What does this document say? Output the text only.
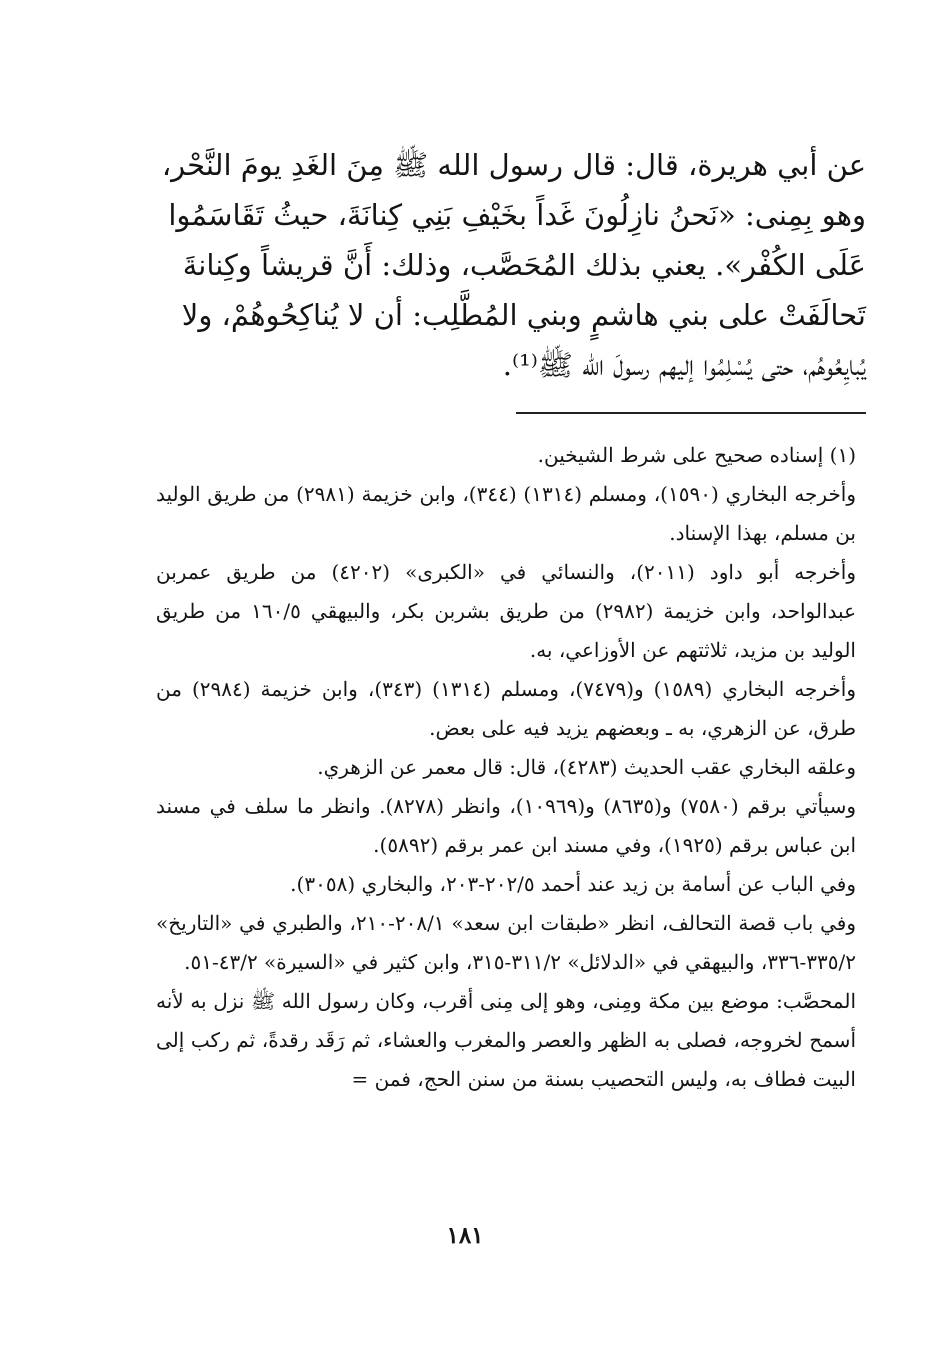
عن أبي هريرة، قال: قال رسول الله ﷺ مِنَ الغَدِ يومَ النَّحْر،

وهو بِمِنى: «نَحنُ نازِلُونَ غَداً بخَيْفِ بَنِي كِنانَةَ، حيثُ تَقَاسَمُوا

عَلَى الكُفْر». يعني بذلك المُحَصَّب، وذلك: أَنَّ قريشاً وكِنانةَ

تَحالَفَتْ على بني هاشمٍ وبني المُطَّلِب: أن لا يُناكِحُوهُمْ، ولا

يُبايِعُوهُم، حتى يُسْلِمُوا إليهم رسولَ الله ﷺ⁽¹⁾.

(١) إسناده صحيح على شرط الشيخين.

وأخرجه البخاري (١٥٩٠)، ومسلم (١٣١٤) (٣٤٤)، وابن خزيمة (٢٩٨١) من طريق الوليد بن مسلم، بهذا الإسناد.

وأخرجه أبو داود (٢٠١١)، والنسائي في «الكبرى» (٤٢٠٢) من طريق عمربن عبدالواحد، وابن خزيمة (٢٩٨٢) من طريق بشربن بكر، والبيهقي ١٦٠/٥ من طريق الوليد بن مزيد، ثلاثتهم عن الأوزاعي، به.

وأخرجه البخاري (١٥٨٩) و(٧٤٧٩)، ومسلم (١٣١٤) (٣٤٣)، وابن خزيمة (٢٩٨٤) من طرق، عن الزهري، به ـ وبعضهم يزيد فيه على بعض.

وعلقه البخاري عقب الحديث (٤٢٨٣)، قال: قال معمر عن الزهري.

وسيأتي برقم (٧٥٨٠) و(٨٦٣٥) و(١٠٩٦٩)، وانظر (٨٢٧٨). وانظر ما سلف في مسند ابن عباس برقم (١٩٢٥)، وفي مسند ابن عمر برقم (٥٨٩٢).

وفي الباب عن أسامة بن زيد عند أحمد ٢٠٢/٥-٢٠٣، والبخاري (٣٠٥٨).

وفي باب قصة التحالف، انظر «طبقات ابن سعد» ٢٠٨/١-٢١٠، والطبري في «التاريخ» ٣٣٥/٢-٣٣٦، والبيهقي في «الدلائل» ٣١١/٢-٣١٥، وابن كثير في «السيرة» ٤٣/٢-٥١.

المحصَّب: موضع بين مكة ومِنى، وهو إلى مِنى أقرب، وكان رسول الله ﷺ نزل به لأنه أسمح لخروجه، فصلى به الظهر والعصر والمغرب والعشاء، ثم رَقَد رقدةً، ثم ركب إلى البيت فطاف به، وليس التحصيب بسنة من سنن الحج، فمن =

١٨١
